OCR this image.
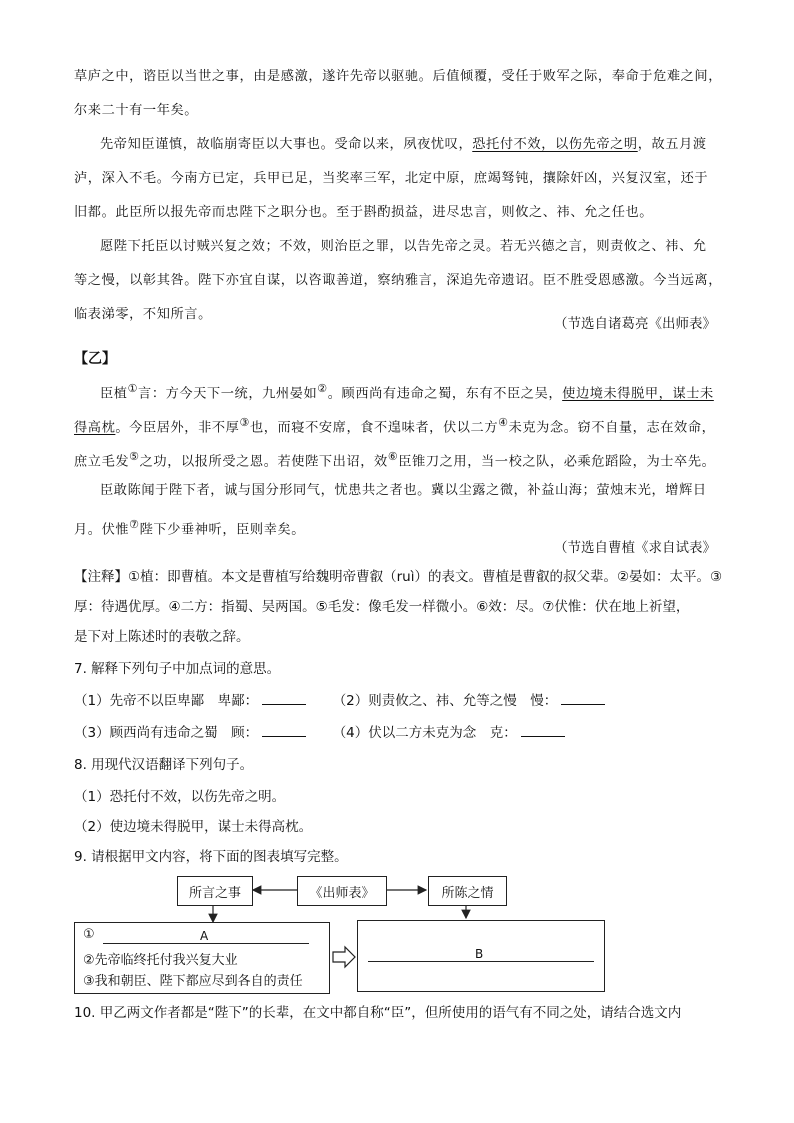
草庐之中，谘臣以当世之事，由是感激，遂许先帝以驱驰。后值倾覆，受任于败军之际，奉命于危难之间，
尔来二十有一年矣。
先帝知臣谨慎，故临崩寄臣以大事也。受命以来，夙夜忧叹，恐托付不效，以伤先帝之明，故五月渡
泸，深入不毛。今南方已定，兵甲已足，当奖率三军，北定中原，庶竭驽钝，攘除奸凶，兴复汉室，还于
旧都。此臣所以报先帝而忠陛下之职分也。至于斟酌损益，进尽忠言，则攸之、祎、允之任也。
愿陛下托臣以讨贼兴复之效；不效，则治臣之罪，以告先帝之灵。若无兴德之言，则责攸之、祎、允
等之慢，以彰其咎。陛下亦宜自谋，以咨诹善道，察纳雅言，深追先帝遗诏。臣不胜受恩感激。今当远离，
临表涕零，不知所言。
（节选自诸葛亮《出师表》
【乙】
臣植①言：方今天下一统，九州晏如②。顾西尚有违命之蜀，东有不臣之吴，使边境未得脱甲，谋士未
得高枕。今臣居外，非不厚③也，而寝不安席，食不遑味者，伏以二方④未克为念。窃不自量，志在效命，
庶立毛发⑤之功，以报所受之恩。若使陛下出诏，效⑥臣锥刀之用，当一校之队，必乘危蹈险，为士卒先。
臣敢陈闻于陛下者，诚与国分形同气，忧患共之者也。冀以尘露之微，补益山海；萤烛末光，增辉日
月。伏惟⑦陛下少垂神听，臣则幸矣。
（节选自曹植《求自试表》
【注释】①植：即曹植。本文是曹植写给魏明帝曹叡（ruì）的表文。曹植是曹叡的叔父辈。②晏如：太平。③
厚：待遇优厚。④二方：指蜀、吴两国。⑤毛发：像毛发一样微小。⑥效：尽。⑦伏惟：伏在地上祈望，
是下对上陈述时的表敬之辞。
7. 解释下列句子中加点词的意思。
（1）先帝不以臣卑鄙　卑鄙：	（2）则责攸之、祎、允等之慢　慢：
（3）顾西尚有违命之蜀　顾：	（4）伏以二方未克为念　克：
8. 用现代汉语翻译下列句子。
（1）恐托付不效，以伤先帝之明。
（2）使边境未得脱甲，谋士未得高枕。
9. 请根据甲文内容，将下面的图表填写完整。
所言之事	《出师表》	所陈之情
①	A
②先帝临终托付我兴复大业
③我和朝臣、陛下都应尽到各自的责任
B
10. 甲乙两文作者都是“陛下”的长辈，在文中都自称“臣”，但所使用的语气有不同之处，请结合选文内
